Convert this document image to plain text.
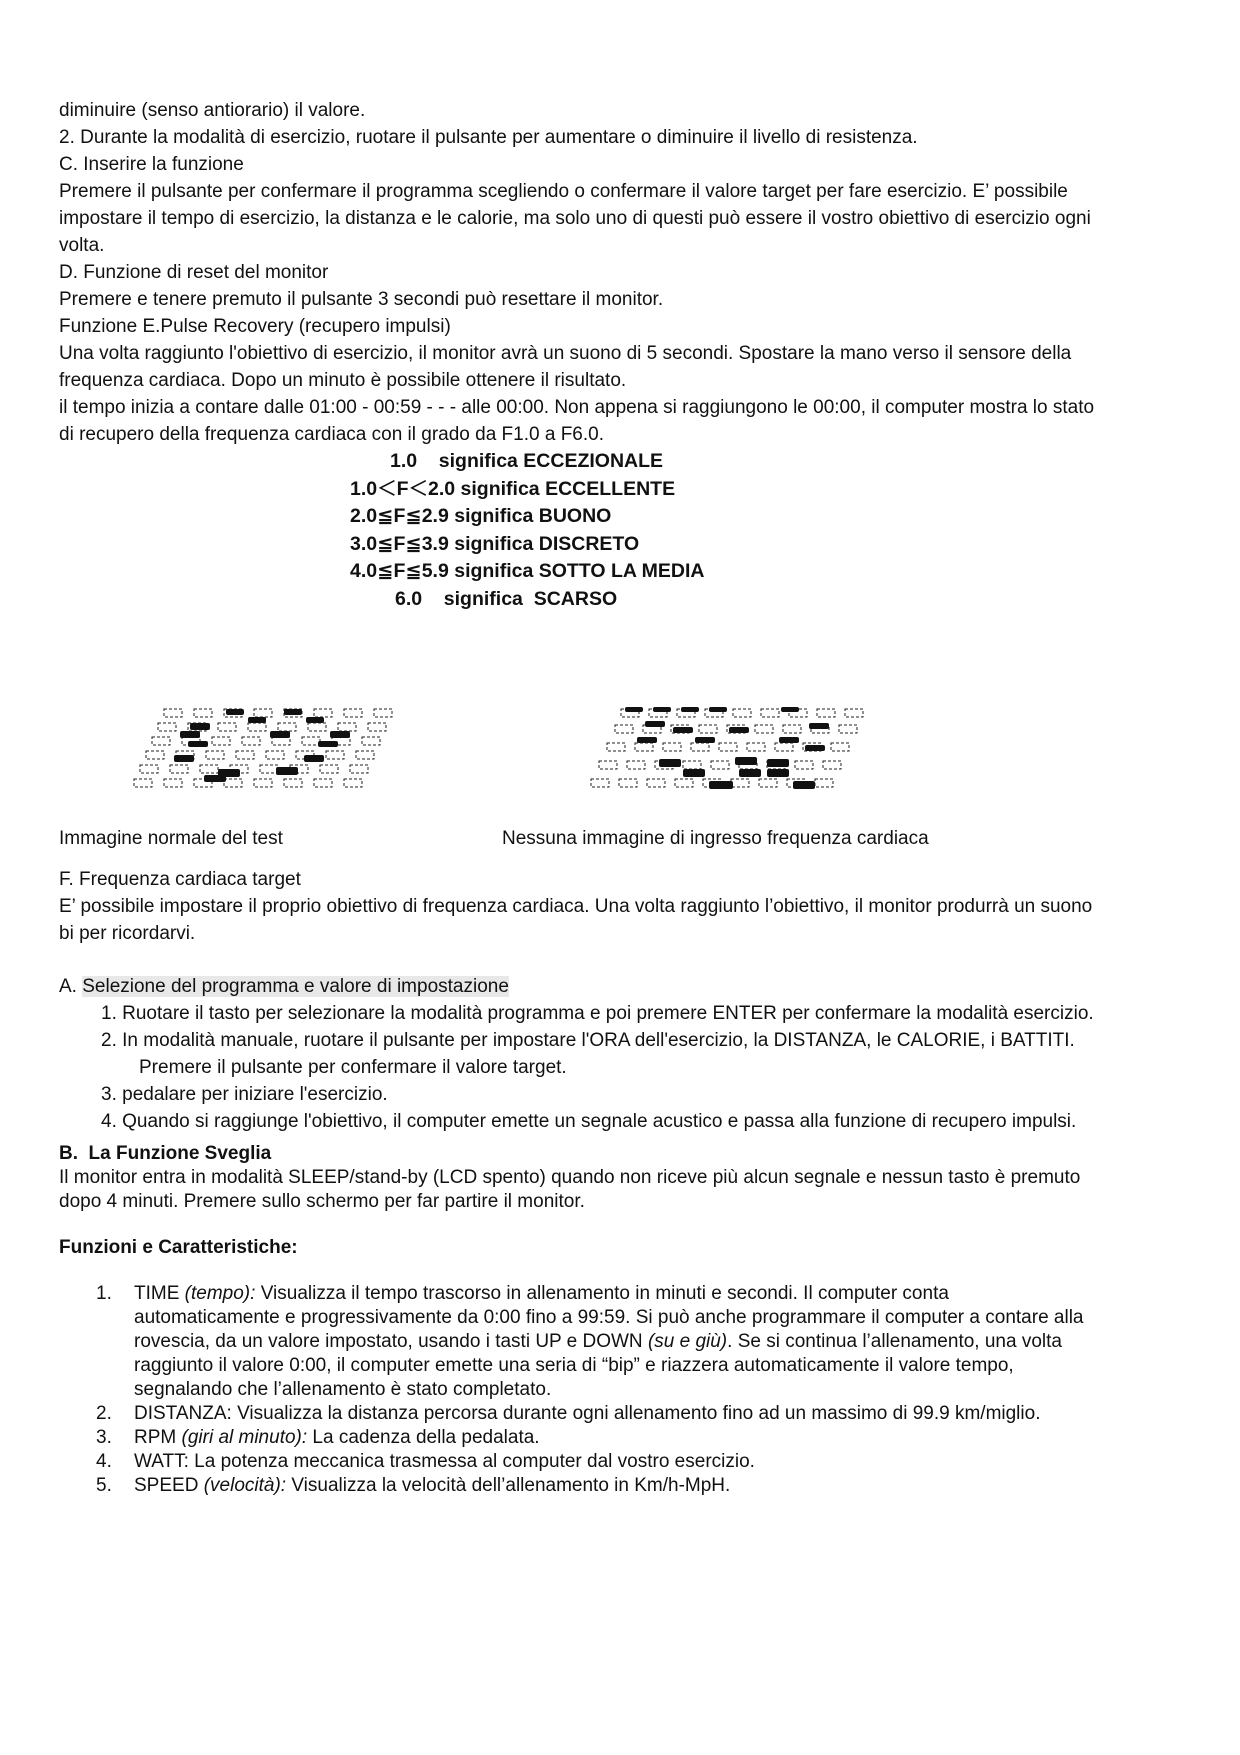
diminuire (senso antiorario) il valore.

2. Durante la modalità di esercizio, ruotare il pulsante per aumentare o diminuire il livello di resistenza.

C. Inserire la funzione

Premere il pulsante per confermare il programma scegliendo o confermare il valore target per fare esercizio. E’ possibile impostare il tempo di esercizio, la distanza e le calorie, ma solo uno di questi può essere il vostro obiettivo di esercizio ogni volta.

D. Funzione di reset del monitor

Premere e tenere premuto il pulsante 3 secondi può resettare il monitor.

Funzione E.Pulse Recovery (recupero impulsi)

Una volta raggiunto l'obiettivo di esercizio, il monitor avrà un suono di 5 secondi. Spostare la mano verso il sensore della frequenza cardiaca. Dopo un minuto è possibile ottenere il risultato.

il tempo inizia a contare dalle 01:00 - 00:59 - - - alle 00:00. Non appena si raggiungono le 00:00, il computer mostra lo stato di recupero della frequenza cardiaca con il grado da F1.0 a F6.0.

1.0    significa ECCEZIONALE
1.0＜F＜2.0 significa ECCELLENTE
2.0≦F≦2.9 significa BUONO
3.0≦F≦3.9 significa DISCRETO
4.0≦F≦5.9 significa SOTTO LA MEDIA
6.0    significa  SCARSO
Immagine normale del test	Nessuna immagine di ingresso frequenza cardiaca

F. Frequenza cardiaca target

E’ possibile impostare il proprio obiettivo di frequenza cardiaca. Una volta raggiunto l’obiettivo, il monitor produrrà un suono bi per ricordarvi.

A. Selezione del programma e valore di impostazione

1. Ruotare il tasto per selezionare la modalità programma e poi premere ENTER per confermare la modalità esercizio.
2. In modalità manuale, ruotare il pulsante per impostare l'ORA dell'esercizio, la DISTANZA, le CALORIE, i BATTITI. Premere il pulsante per confermare il valore target.
3. pedalare per iniziare l'esercizio.
4. Quando si raggiunge l'obiettivo, il computer emette un segnale acustico e passa alla funzione di recupero impulsi.

B.  La Funzione Sveglia

Il monitor entra in modalità SLEEP/stand-by (LCD spento) quando non riceve più alcun segnale e nessun tasto è premuto dopo 4 minuti. Premere sullo schermo per far partire il monitor.

Funzioni e Caratteristiche:

1. TIME (tempo): Visualizza il tempo trascorso in allenamento in minuti e secondi. Il computer conta automaticamente e progressivamente da 0:00 fino a 99:59. Si può anche programmare il computer a contare alla rovescia, da un valore impostato, usando i tasti UP e DOWN (su e giù). Se si continua l’allenamento, una volta raggiunto il valore 0:00, il computer emette una seria di “bip” e riazzera automaticamente il valore tempo, segnalando che l’allenamento è stato completato.
2. DISTANZA: Visualizza la distanza percorsa durante ogni allenamento fino ad un massimo di 99.9 km/miglio.
3. RPM (giri al minuto): La cadenza della pedalata.
4. WATT: La potenza meccanica trasmessa al computer dal vostro esercizio.
5. SPEED (velocità): Visualizza la velocità dell’allenamento in Km/h-MpH.
